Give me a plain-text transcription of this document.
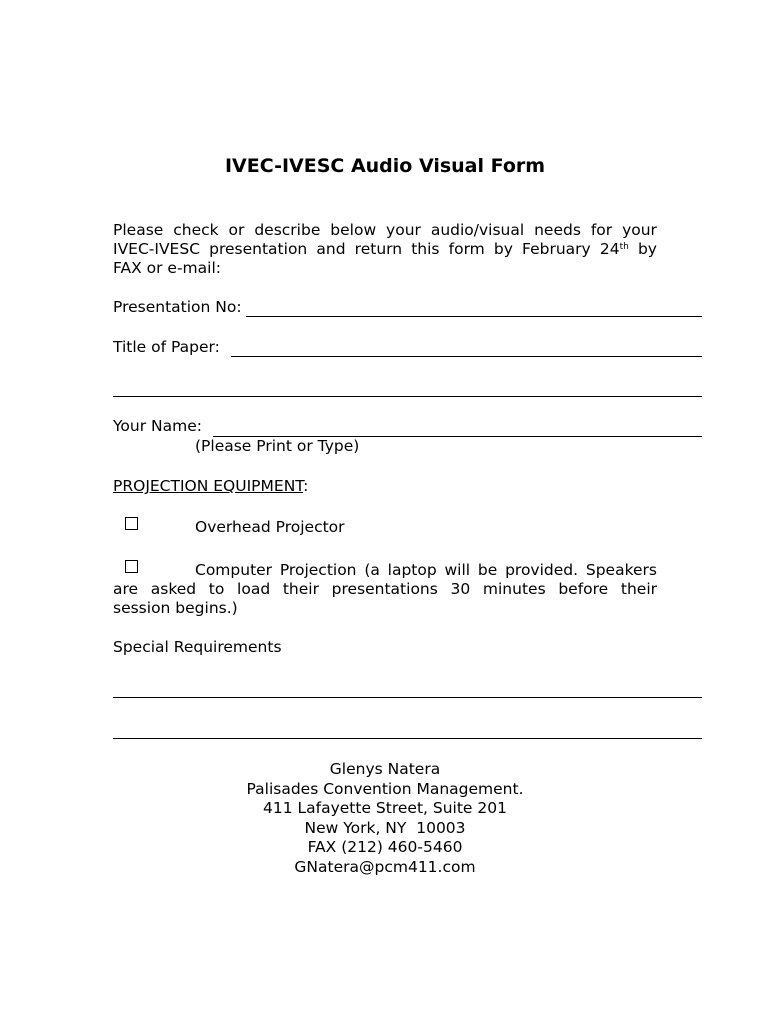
IVEC-IVESC Audio Visual Form
Please check or describe below your audio/visual needs for your
IVEC-IVESC presentation and return this form by February 24th by
FAX or e-mail:
Presentation No:
Title of Paper:
Your Name:
(Please Print or Type)
PROJECTION EQUIPMENT:
Overhead Projector
Computer Projection (a laptop will be provided. Speakers
are asked to load their presentations 30 minutes before their
session begins.)
Special Requirements
Glenys Natera
Palisades Convention Management.
411 Lafayette Street, Suite 201
New York, NY  10003
FAX (212) 460-5460
GNatera@pcm411.com
